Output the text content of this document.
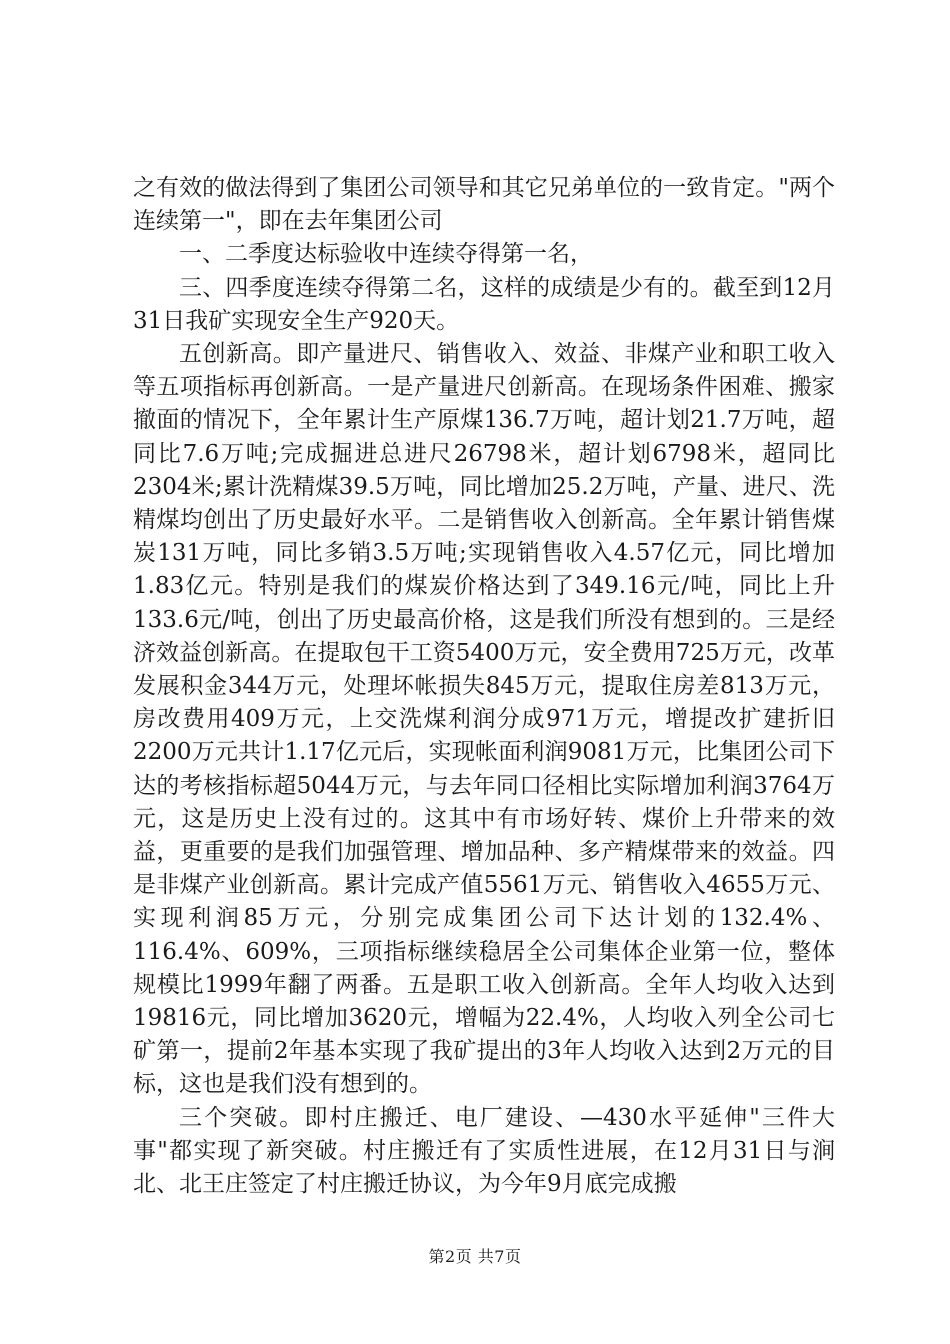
之有效的做法得到了集团公司领导和其它兄弟单位的一致肯定。"两个连续第一"，即在去年集团公司

一、二季度达标验收中连续夺得第一名，

三、四季度连续夺得第二名，这样的成绩是少有的。截至到12月31日我矿实现安全生产920天。

五创新高。即产量进尺、销售收入、效益、非煤产业和职工收入等五项指标再创新高。一是产量进尺创新高。在现场条件困难、搬家撤面的情况下，全年累计生产原煤136.7万吨，超计划21.7万吨，超同比7.6万吨;完成掘进总进尺26798米，超计划6798米，超同比2304米;累计洗精煤39.5万吨，同比增加25.2万吨，产量、进尺、洗精煤均创出了历史最好水平。二是销售收入创新高。全年累计销售煤炭131万吨，同比多销3.5万吨;实现销售收入4.57亿元，同比增加1.83亿元。特别是我们的煤炭价格达到了349.16元/吨，同比上升133.6元/吨，创出了历史最高价格，这是我们所没有想到的。三是经济效益创新高。在提取包干工资5400万元，安全费用725万元，改革发展积金344万元，处理坏帐损失845万元，提取住房差813万元，房改费用409万元，上交洗煤利润分成971万元，增提改扩建折旧2200万元共计1.17亿元后，实现帐面利润9081万元，比集团公司下达的考核指标超5044万元，与去年同口径相比实际增加利润3764万元，这是历史上没有过的。这其中有市场好转、煤价上升带来的效益，更重要的是我们加强管理、增加品种、多产精煤带来的效益。四是非煤产业创新高。累计完成产值5561万元、销售收入4655万元、实现利润85万元，分别完成集团公司下达计划的132.4%、116.4%、609%，三项指标继续稳居全公司集体企业第一位，整体规模比1999年翻了两番。五是职工收入创新高。全年人均收入达到19816元，同比增加3620元，增幅为22.4%，人均收入列全公司七矿第一，提前2年基本实现了我矿提出的3年人均收入达到2万元的目标，这也是我们没有想到的。

三个突破。即村庄搬迁、电厂建设、—430水平延伸"三件大事"都实现了新突破。村庄搬迁有了实质性进展，在12月31日与涧北、北王庄签定了村庄搬迁协议，为今年9月底完成搬

第2页 共7页
